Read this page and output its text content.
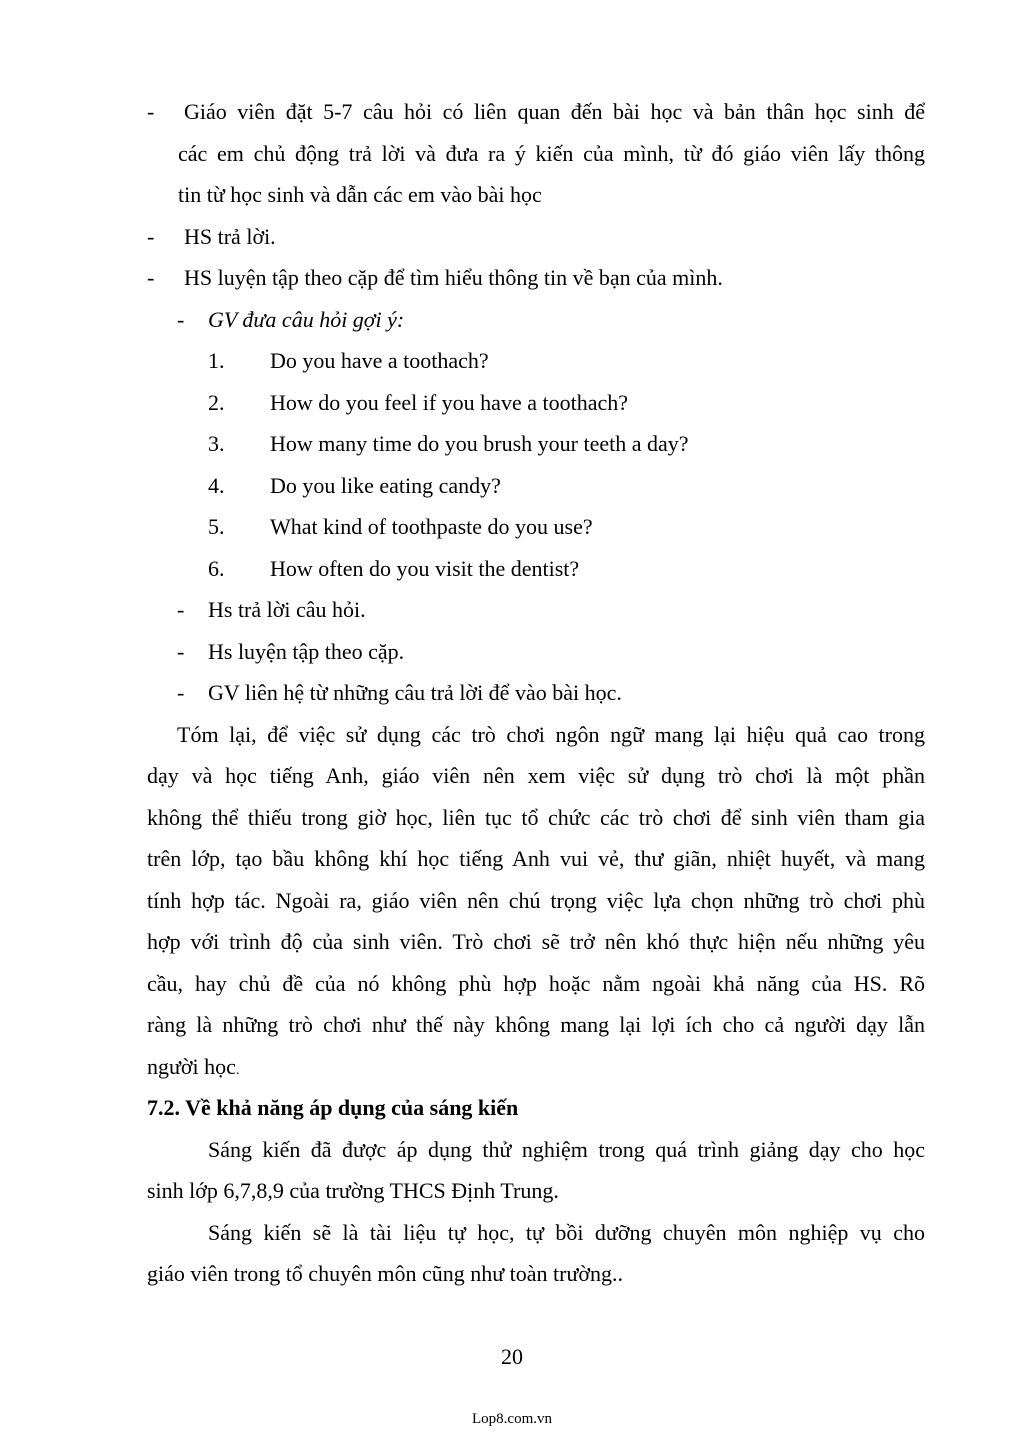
- Giáo viên đặt 5-7 câu hỏi có liên quan đến bài học và bản thân học sinh để
các em chủ động trả lời và đưa ra ý kiến của mình, từ đó giáo viên lấy thông
tin từ học sinh và dẫn các em vào bài học
- HS trả lời.
- HS luyện tập theo cặp để tìm hiểu thông tin về bạn của mình.
- GV đưa câu hỏi gợi ý:
1. Do you have a toothach?
2. How do you feel if you have a toothach?
3. How many time do you brush your teeth a day?
4. Do you like eating candy?
5. What kind of toothpaste do you use?
6. How often do you visit the dentist?
- Hs trả lời câu hỏi.
- Hs luyện tập theo cặp.
- GV liên hệ từ những câu trả lời để vào bài học.
Tóm lại, để việc sử dụng các trò chơi ngôn ngữ mang lại hiệu quả cao trong
dạy và học tiếng Anh, giáo viên nên xem việc sử dụng trò chơi là một phần
không thể thiếu trong giờ học, liên tục tổ chức các trò chơi để sinh viên tham gia
trên lớp, tạo bầu không khí học tiếng Anh vui vẻ, thư giãn, nhiệt huyết, và mang
tính hợp tác. Ngoài ra, giáo viên nên chú trọng việc lựa chọn những trò chơi phù
hợp với trình độ của sinh viên. Trò chơi sẽ trở nên khó thực hiện nếu những yêu
cầu, hay chủ đề của nó không phù hợp hoặc nằm ngoài khả năng của HS. Rõ
ràng là những trò chơi như thế này không mang lại lợi ích cho cả người dạy lẫn
người học.
7.2. Về khả năng áp dụng của sáng kiến
Sáng kiến đã được áp dụng thử nghiệm trong quá trình giảng dạy cho học
sinh lớp 6,7,8,9 của trường THCS Định Trung.
Sáng kiến sẽ là tài liệu tự học, tự bồi dưỡng chuyên môn nghiệp vụ cho
giáo viên trong tổ chuyên môn cũng như toàn trường..
20
Lop8.com.vn
